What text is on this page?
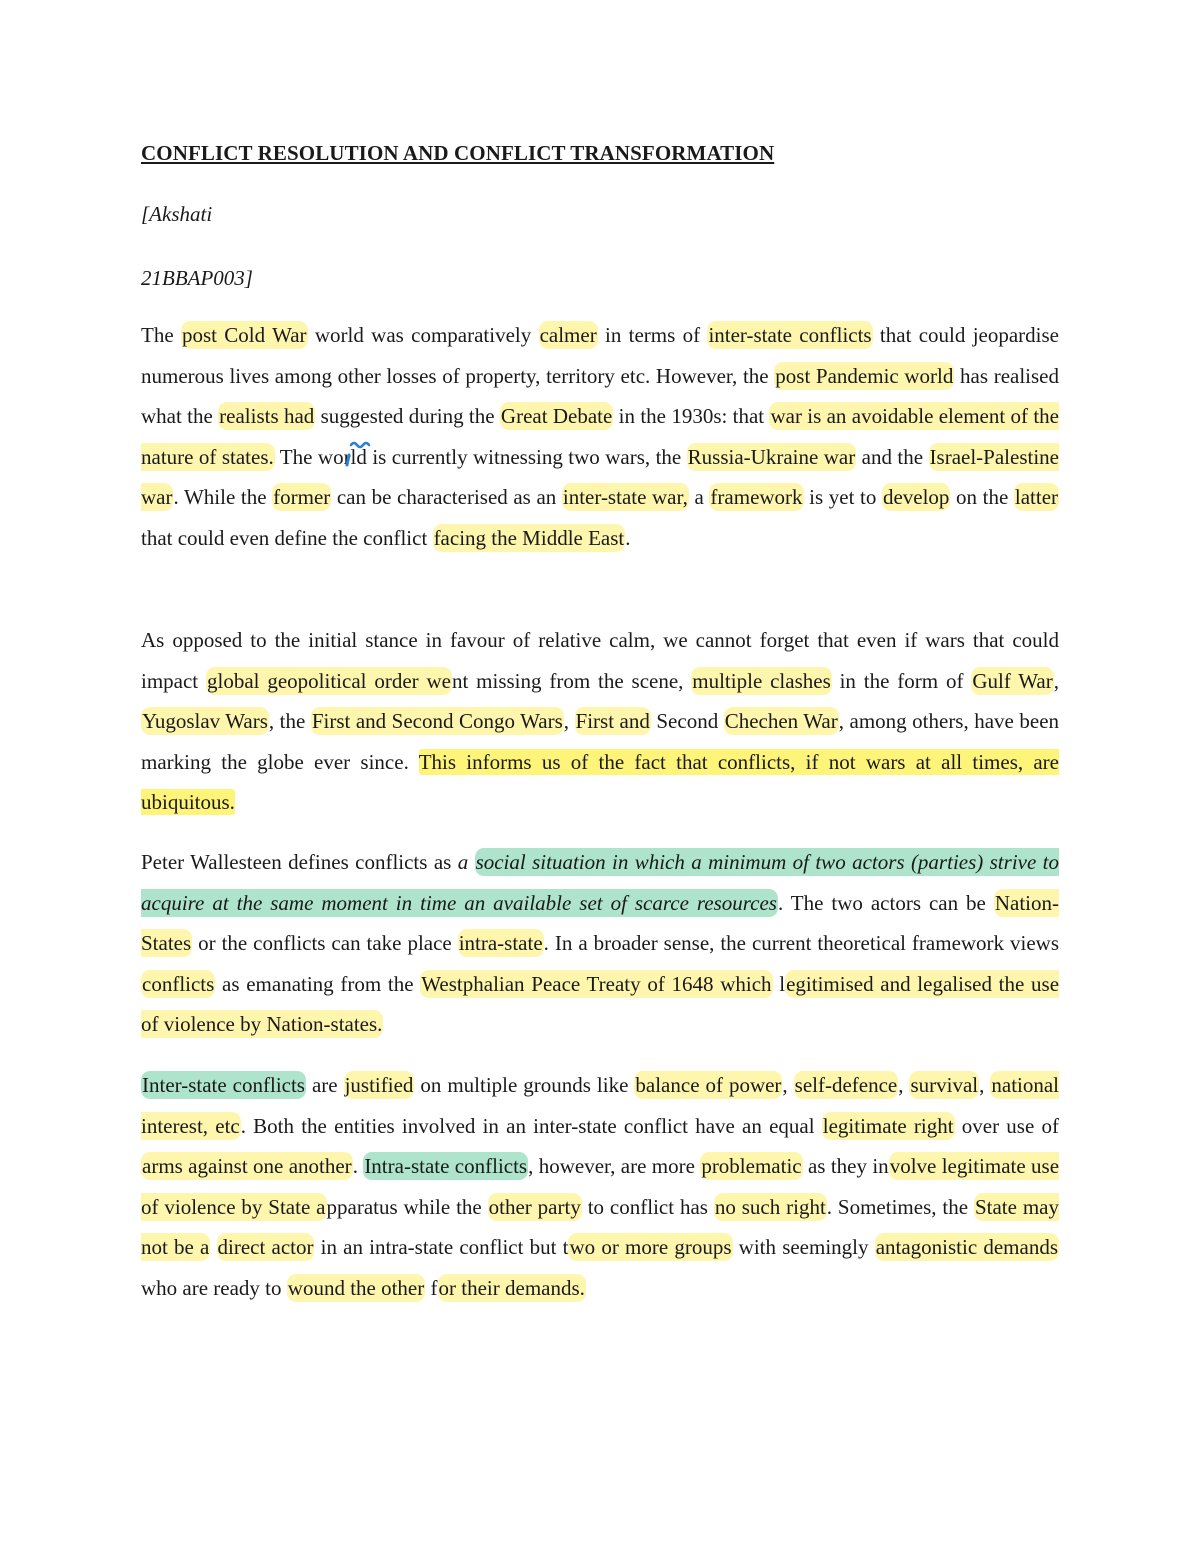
CONFLICT RESOLUTION AND CONFLICT TRANSFORMATION

[Akshati

21BBAP003]

The post Cold War world was comparatively calmer in terms of inter-state conflicts that could jeopardise numerous lives among other losses of property, territory etc. However, the post Pandemic world has realised what the realists had suggested during the Great Debate in the 1930s: that war is an avoidable element of the nature of states. The world is currently witnessing two wars, the Russia-Ukraine war and the Israel-Palestine war. While the former can be characterised as an inter-state war, a framework is yet to develop on the latter that could even define the conflict facing the Middle East.

As opposed to the initial stance in favour of relative calm, we cannot forget that even if wars that could impact global geopolitical order went missing from the scene, multiple clashes in the form of Gulf War, Yugoslav Wars, the First and Second Congo Wars, First and Second Chechen War, among others, have been marking the globe ever since. This informs us of the fact that conflicts, if not wars at all times, are ubiquitous.

Peter Wallesteen defines conflicts as a social situation in which a minimum of two actors (parties) strive to acquire at the same moment in time an available set of scarce resources. The two actors can be Nation-States or the conflicts can take place intra-state. In a broader sense, the current theoretical framework views conflicts as emanating from the Westphalian Peace Treaty of 1648 which legitimised and legalised the use of violence by Nation-states.

Inter-state conflicts are justified on multiple grounds like balance of power, self-defence, survival, national interest, etc. Both the entities involved in an inter-state conflict have an equal legitimate right over use of arms against one another. Intra-state conflicts, however, are more problematic as they involve legitimate use of violence by State apparatus while the other party to conflict has no such right. Sometimes, the State may not be a direct actor in an intra-state conflict but two or more groups with seemingly antagonistic demands who are ready to wound the other for their demands.
